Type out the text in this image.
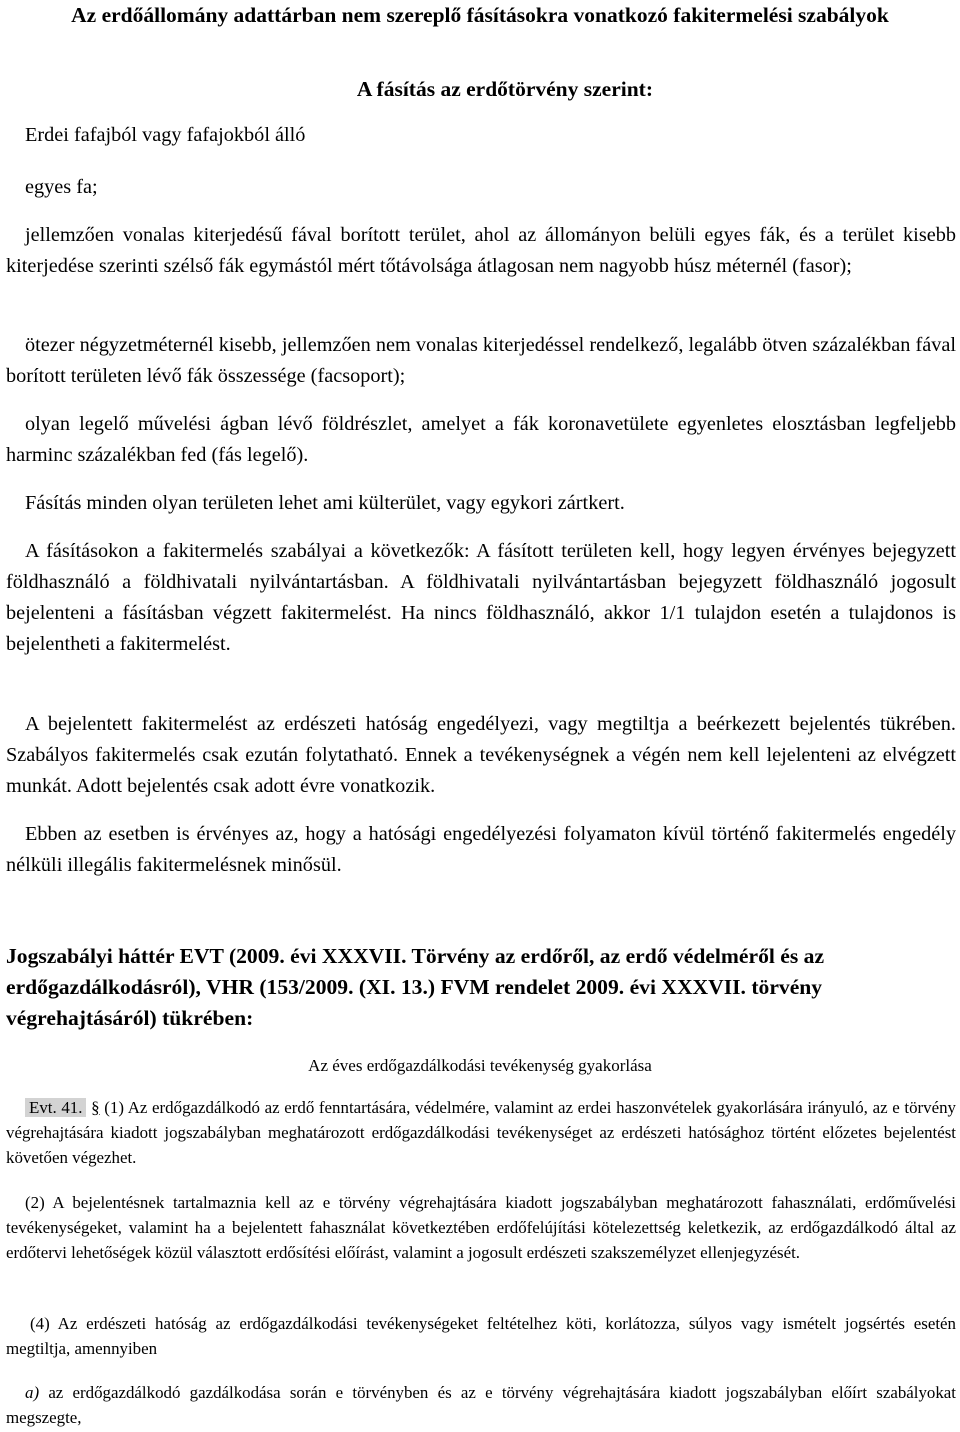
Az erdőállomány adattárban nem szereplő fásításokra vonatkozó fakitermelési szabályok
A fásítás az erdőtörvény szerint:

Erdei fafajból vagy fafajokból álló

egyes fa;

jellemzően vonalas kiterjedésű fával borított terület, ahol az állományon belüli egyes fák, és a terület kisebb kiterjedése szerinti szélső fák egymástól mért tőtávolsága átlagosan nem nagyobb húsz méternél (fasor);

ötezer négyzetméternél kisebb, jellemzően nem vonalas kiterjedéssel rendelkező, legalább ötven százalékban fával borított területen lévő fák összessége (facsoport);

olyan legelő művelési ágban lévő földrészlet, amelyet a fák koronavetülete egyenletes elosztásban legfeljebb harminc százalékban fed (fás legelő).

Fásítás minden olyan területen lehet ami külterület, vagy egykori zártkert.

A fásításokon a fakitermelés szabályai a következők: A fásított területen kell, hogy legyen érvényes bejegyzett földhasználó a földhivatali nyilvántartásban. A földhivatali nyilvántartásban bejegyzett földhasználó jogosult bejelenteni a fásításban végzett fakitermelést. Ha nincs földhasználó, akkor 1/1 tulajdon esetén a tulajdonos is bejelentheti a fakitermelést.

A bejelentett fakitermelést az erdészeti hatóság engedélyezi, vagy megtiltja a beérkezett bejelentés tükrében. Szabályos fakitermelés csak ezután folytatható. Ennek a tevékenységnek a végén nem kell lejelenteni az elvégzett munkát. Adott bejelentés csak adott évre vonatkozik.

Ebben az esetben is érvényes az, hogy a hatósági engedélyezési folyamaton kívül történő fakitermelés engedély nélküli illegális fakitermelésnek minősül.

Jogszabályi háttér EVT (2009. évi XXXVII. Törvény az erdőről, az erdő védelméről és az erdőgazdálkodásról), VHR (153/2009. (XI. 13.) FVM rendelet 2009. évi XXXVII. törvény végrehajtásáról) tükrében:
Az éves erdőgazdálkodási tevékenység gyakorlása

Evt. 41. § (1) Az erdőgazdálkodó az erdő fenntartására, védelmére, valamint az erdei haszonvételek gyakorlására irányuló, az e törvény végrehajtására kiadott jogszabályban meghatározott erdőgazdálkodási tevékenységet az erdészeti hatósághoz történt előzetes bejelentést követően végezhet.

(2) A bejelentésnek tartalmaznia kell az e törvény végrehajtására kiadott jogszabályban meghatározott fahasználati, erdőművelési tevékenységeket, valamint ha a bejelentett fahasználat következtében erdőfelújítási kötelezettség keletkezik, az erdőgazdálkodó által az erdőtervi lehetőségek közül választott erdősítési előírást, valamint a jogosult erdészeti szakszemélyzet ellenjegyzését.

(4) Az erdészeti hatóság az erdőgazdálkodási tevékenységeket feltételhez köti, korlátozza, súlyos vagy ismételt jogsértés esetén megtiltja, amennyiben

a) az erdőgazdálkodó gazdálkodása során e törvényben és az e törvény végrehajtására kiadott jogszabályban előírt szabályokat megszegte,
